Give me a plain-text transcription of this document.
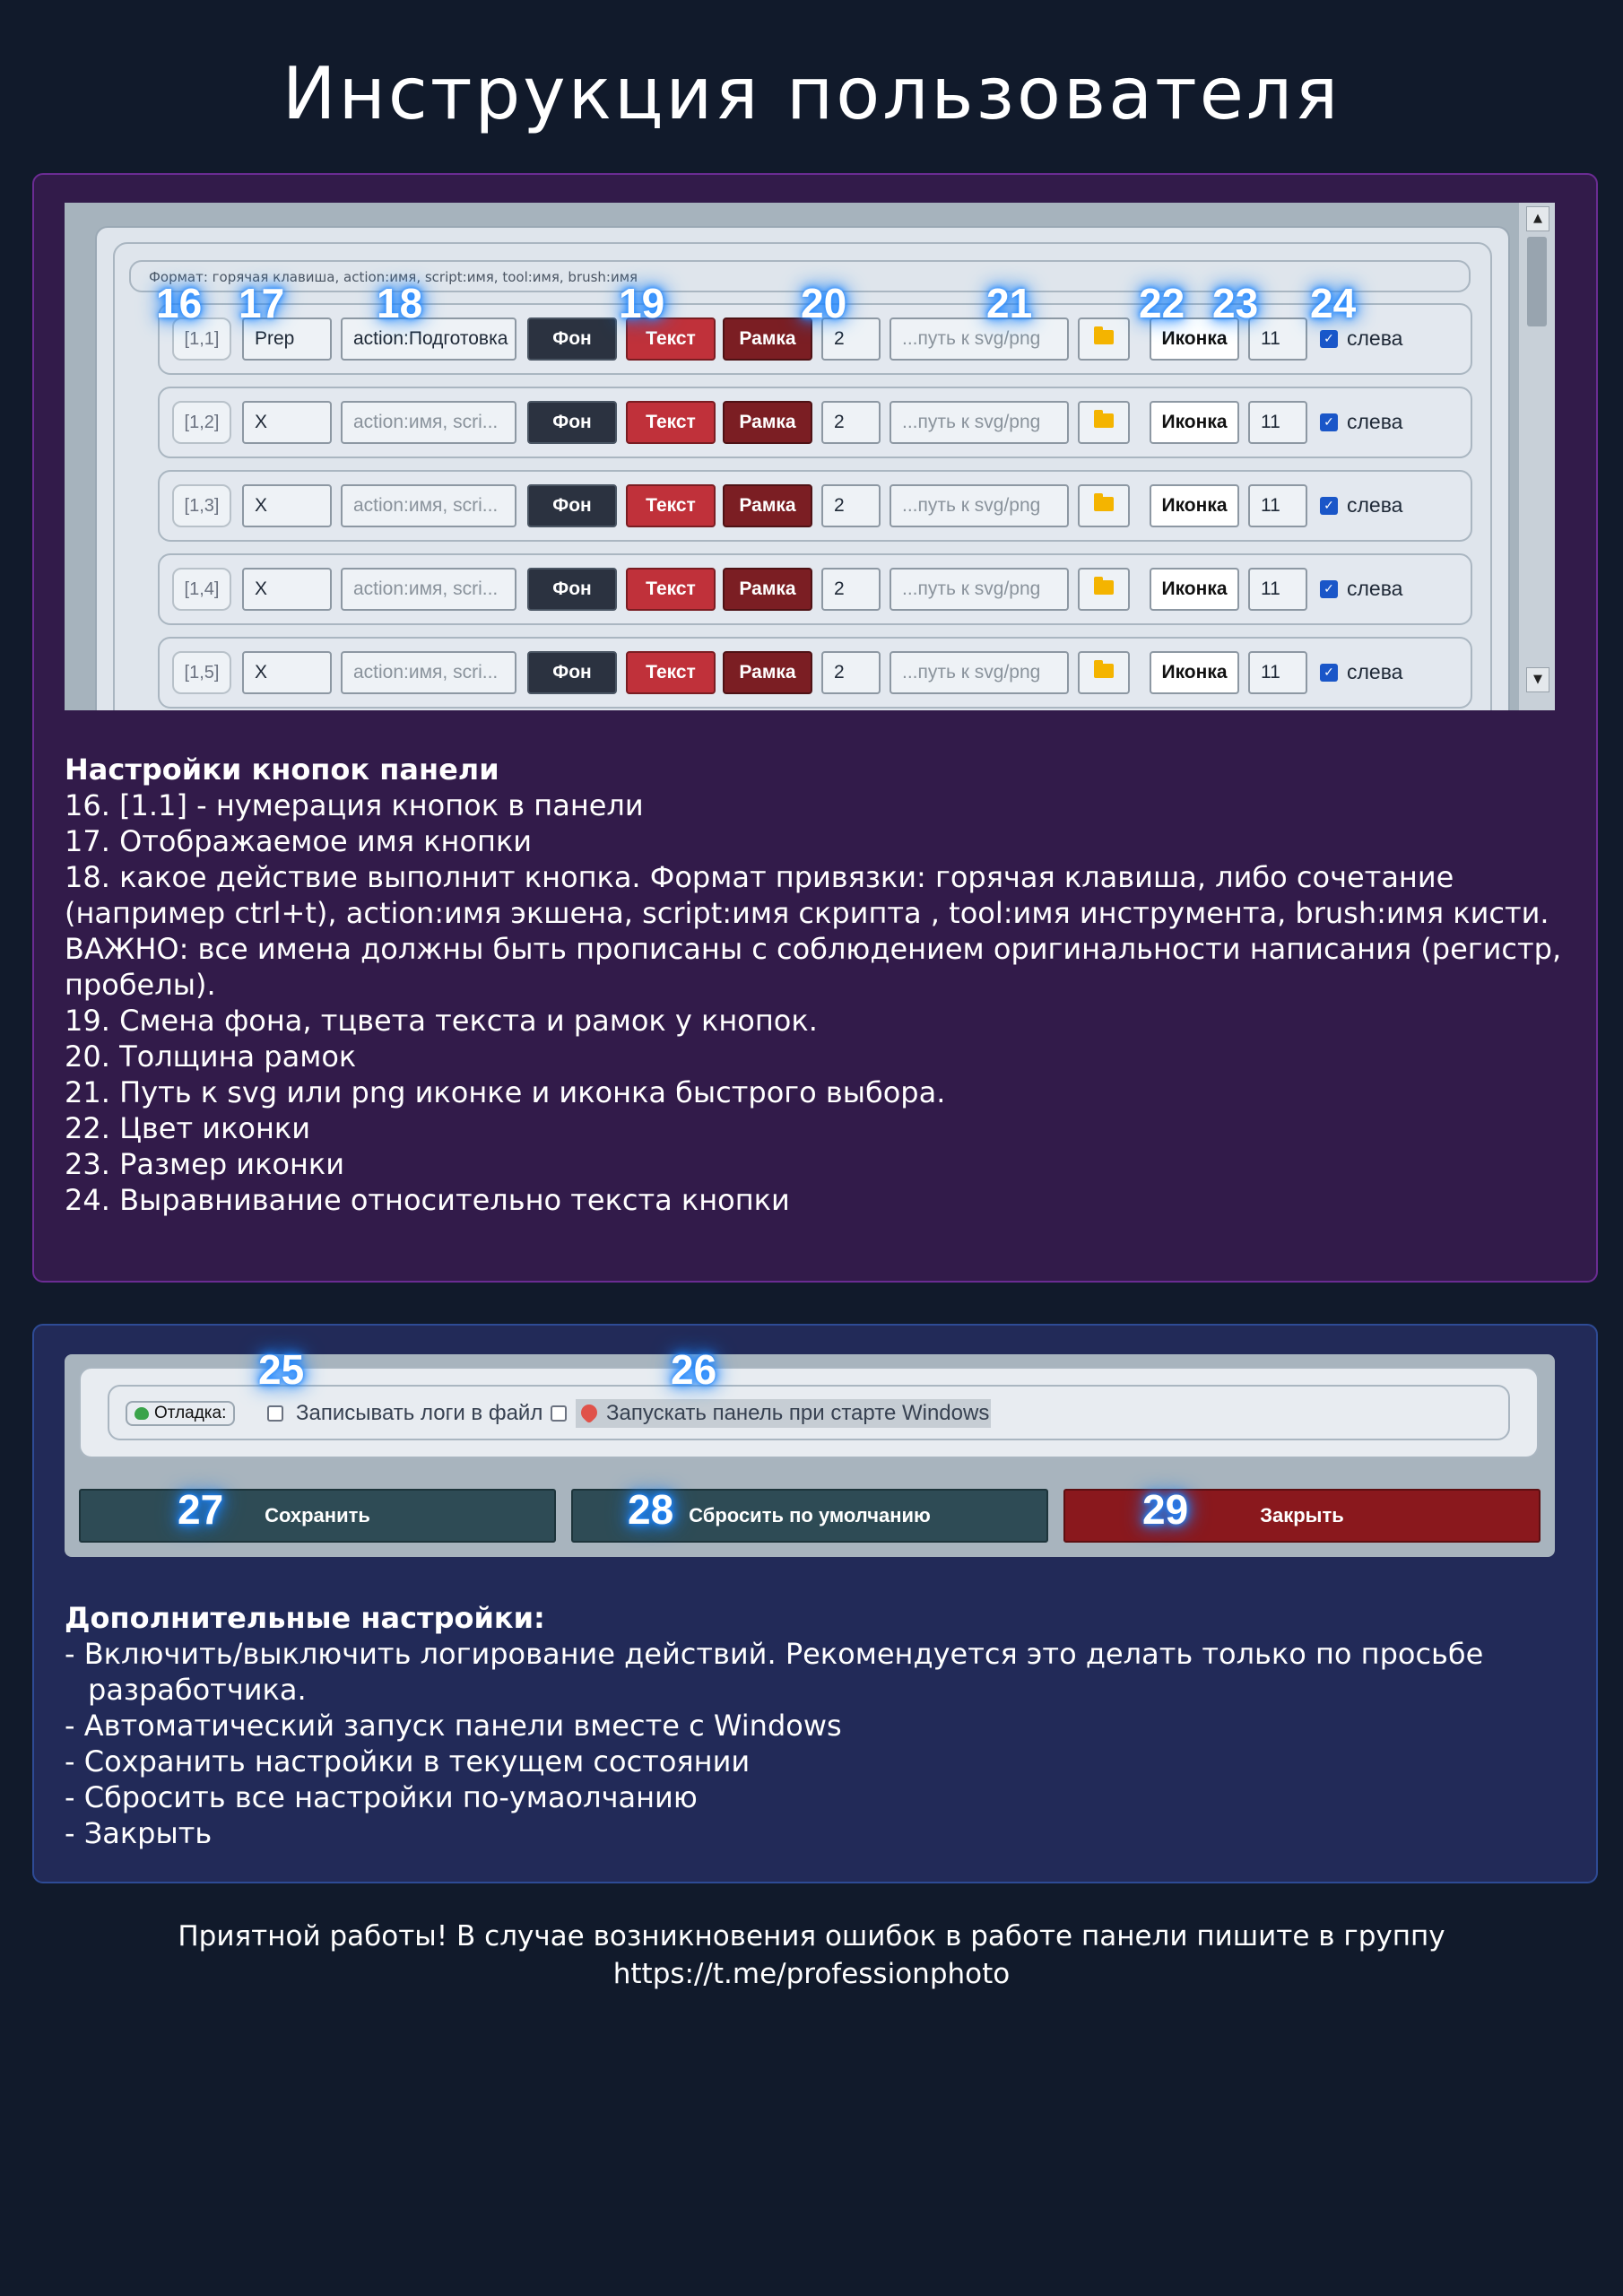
Инструкция пользователя
Формат: горячая клавиша, action:имя, script:имя, tool:имя, brush:имя
[1,1]	Prep	action:Подготовка	Фон	Текст	Рамка	2	...путь к svg/png	Иконка	11	✓ слева
[1,2]	X	action:имя, scri...	Фон	Текст	Рамка	2	...путь к svg/png	Иконка	11	✓ слева
[1,3]	X	action:имя, scri...	Фон	Текст	Рамка	2	...путь к svg/png	Иконка	11	✓ слева
[1,4]	X	action:имя, scri...	Фон	Текст	Рамка	2	...путь к svg/png	Иконка	11	✓ слева
[1,5]	X	action:имя, scri...	Фон	Текст	Рамка	2	...путь к svg/png	Иконка	11	✓ слева
▲
▼
16 17 18	19	20	21	22 23 24
Настройки кнопок панели
16. [1.1] - нумерация кнопок в панели
17. Отображаемое имя кнопки
18. какое действие выполнит кнопка. Формат привязки: горячая клавиша, либо сочетание (например ctrl+t), action:имя экшена, script:имя скрипта , tool:имя инструмента, brush:имя кисти. ВАЖНО: все имена должны быть прописаны с соблюдением оригинальности написания (регистр, пробелы).
19. Смена фона, тцвета текста и рамок у кнопок.
20. Толщина рамок
21. Путь к svg или png иконке и иконка быстрого выбора.
22. Цвет иконки
23. Размер иконки
24. Выравнивание относительно текста кнопки
Отладка:	Записывать логи в файл	Запускать панель при старте Windows
Сохранить	Сбросить по умолчанию	Закрыть
25	26
27	28	29
Дополнительные настройки:
- Включить/выключить логирование действий. Рекомендуется это делать только по просьбе разработчика.
- Автоматический запуск панели вместе с Windows
- Сохранить настройки в текущем состоянии
- Сбросить все настройки по-умаолчанию
- Закрыть
Приятной работы! В случае возникновения ошибок в работе панели пишите в группу
https://t.me/professionphoto
